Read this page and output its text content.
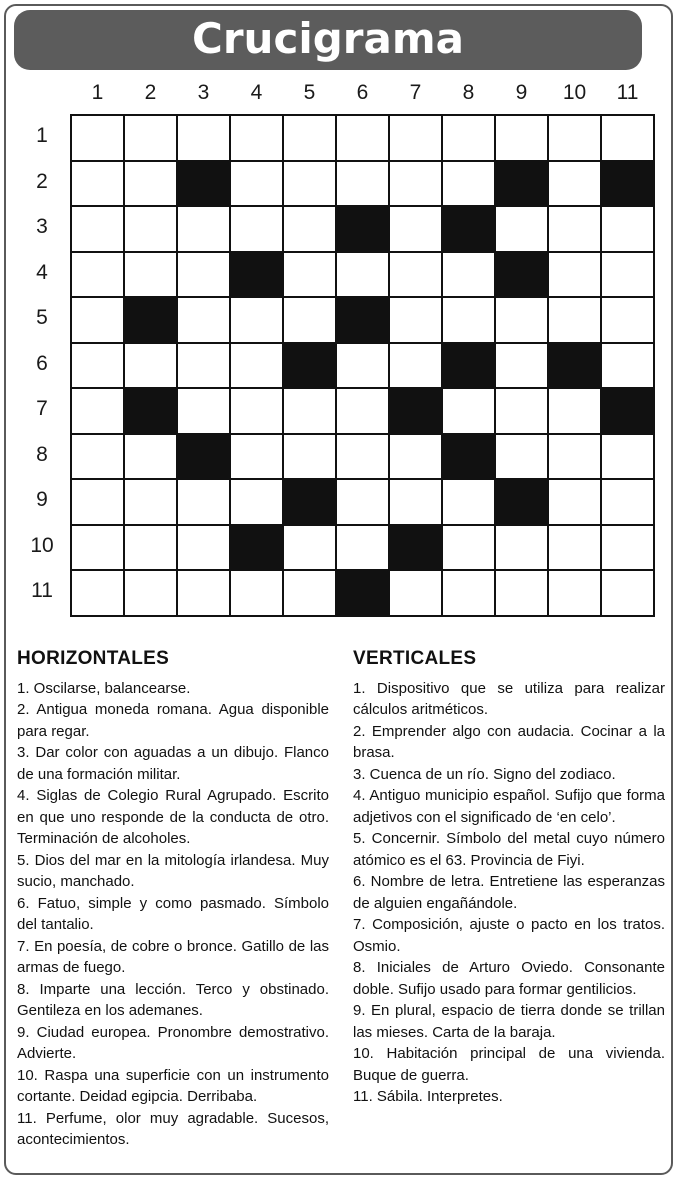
Crucigrama
1	2	3	4	5	6	7	8	9	10	11
1
2
3
4
5
6
7
8
9
10
11
HORIZONTALES

1. Oscilarse, balancearse.

2. Antigua moneda romana. Agua disponible para regar.

3. Dar color con aguadas a un dibujo. Flanco de una formación militar.

4. Siglas de Colegio Rural Agrupado. Escrito en que uno responde de la conducta de otro. Terminación de alcoholes.

5. Dios del mar en la mitología irlandesa. Muy sucio, manchado.

6. Fatuo, simple y como pasmado. Símbolo del tantalio.

7. En poesía, de cobre o bronce. Gatillo de las armas de fuego.

8. Imparte una lección. Terco y obstinado. Gentileza en los ademanes.

9. Ciudad europea. Pronombre demostrativo. Advierte.

10. Raspa una superficie con un instrumento cortante. Deidad egipcia. Derribaba.

11. Perfume, olor muy agradable. Sucesos, acontecimientos.

VERTICALES

1. Dispositivo que se utiliza para realizar cálculos aritméticos.

2. Emprender algo con audacia. Cocinar a la brasa.

3. Cuenca de un río. Signo del zodiaco.

4. Antiguo municipio español. Sufijo que forma adjetivos con el significado de ‘en celo’.

5. Concernir. Símbolo del metal cuyo número atómico es el 63. Provincia de Fiyi.

6. Nombre de letra. Entretiene las esperanzas de alguien engañándole.

7. Composición, ajuste o pacto en los tratos. Osmio.

8. Iniciales de Arturo Oviedo. Consonante doble. Sufijo usado para formar gentilicios.

9. En plural, espacio de tierra donde se trillan las mieses. Carta de la baraja.

10. Habitación principal de una vivienda. Buque de guerra.

11. Sábila. Interpretes.
